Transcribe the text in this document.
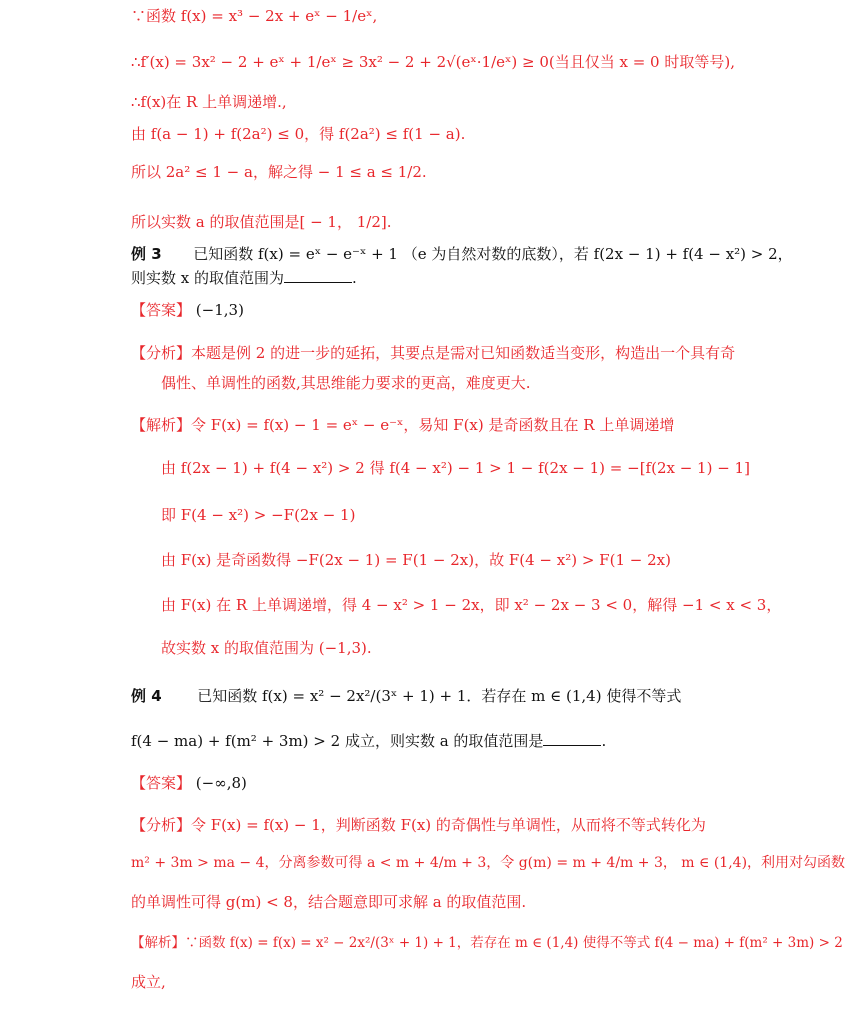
∵函数 f(x) = x³ − 2x + eˣ − 1/eˣ,
∴f′(x) = 3x² − 2 + eˣ + 1/eˣ ≥ 3x² − 2 + 2√(eˣ·1/eˣ) ≥ 0(当且仅当 x = 0 时取等号),
∴f(x)在 R 上单调递增.,
由 f(a − 1) + f(2a²) ≤ 0，得 f(2a²) ≤ f(1 − a).
所以 2a² ≤ 1 − a，解之得 − 1 ≤ a ≤ 1/2.
所以实数 a 的取值范围是[ − 1， 1/2].
例 3 已知函数 f(x) = eˣ − e⁻ˣ + 1 （e 为自然对数的底数），若 f(2x − 1) + f(4 − x²) > 2，
则实数 x 的取值范围为	.
【答案】 (−1,3)
【分析】本题是例 2 的进一步的延拓，其要点是需对已知函数适当变形，构造出一个具有奇
偶性、单调性的函数,其思维能力要求的更高，难度更大.
【解析】令 F(x) = f(x) − 1 = eˣ − e⁻ˣ，易知 F(x) 是奇函数且在 R 上单调递增
由 f(2x − 1) + f(4 − x²) > 2 得 f(4 − x²) − 1 > 1 − f(2x − 1) = −[f(2x − 1) − 1]
即 F(4 − x²) > −F(2x − 1)
由 F(x) 是奇函数得 −F(2x − 1) = F(1 − 2x)，故 F(4 − x²) > F(1 − 2x)
由 F(x) 在 R 上单调递增，得 4 − x² > 1 − 2x，即 x² − 2x − 3 < 0，解得 −1 < x < 3，
故实数 x 的取值范围为 (−1,3).
例 4 已知函数 f(x) = x² − 2x²/(3ˣ + 1) + 1．若存在 m ∈ (1,4) 使得不等式
f(4 − ma) + f(m² + 3m) > 2 成立，则实数 a 的取值范围是	.
【答案】 (−∞,8)
【分析】令 F(x) = f(x) − 1，判断函数 F(x) 的奇偶性与单调性，从而将不等式转化为
m² + 3m > ma − 4，分离参数可得 a < m + 4/m + 3，令 g(m) = m + 4/m + 3， m ∈ (1,4)，利用对勾函数
的单调性可得 g(m) < 8，结合题意即可求解 a 的取值范围.
【解析】∵函数 f(x) = f(x) = x² − 2x²/(3ˣ + 1) + 1，若存在 m ∈ (1,4) 使得不等式 f(4 − ma) + f(m² + 3m) > 2
成立,
